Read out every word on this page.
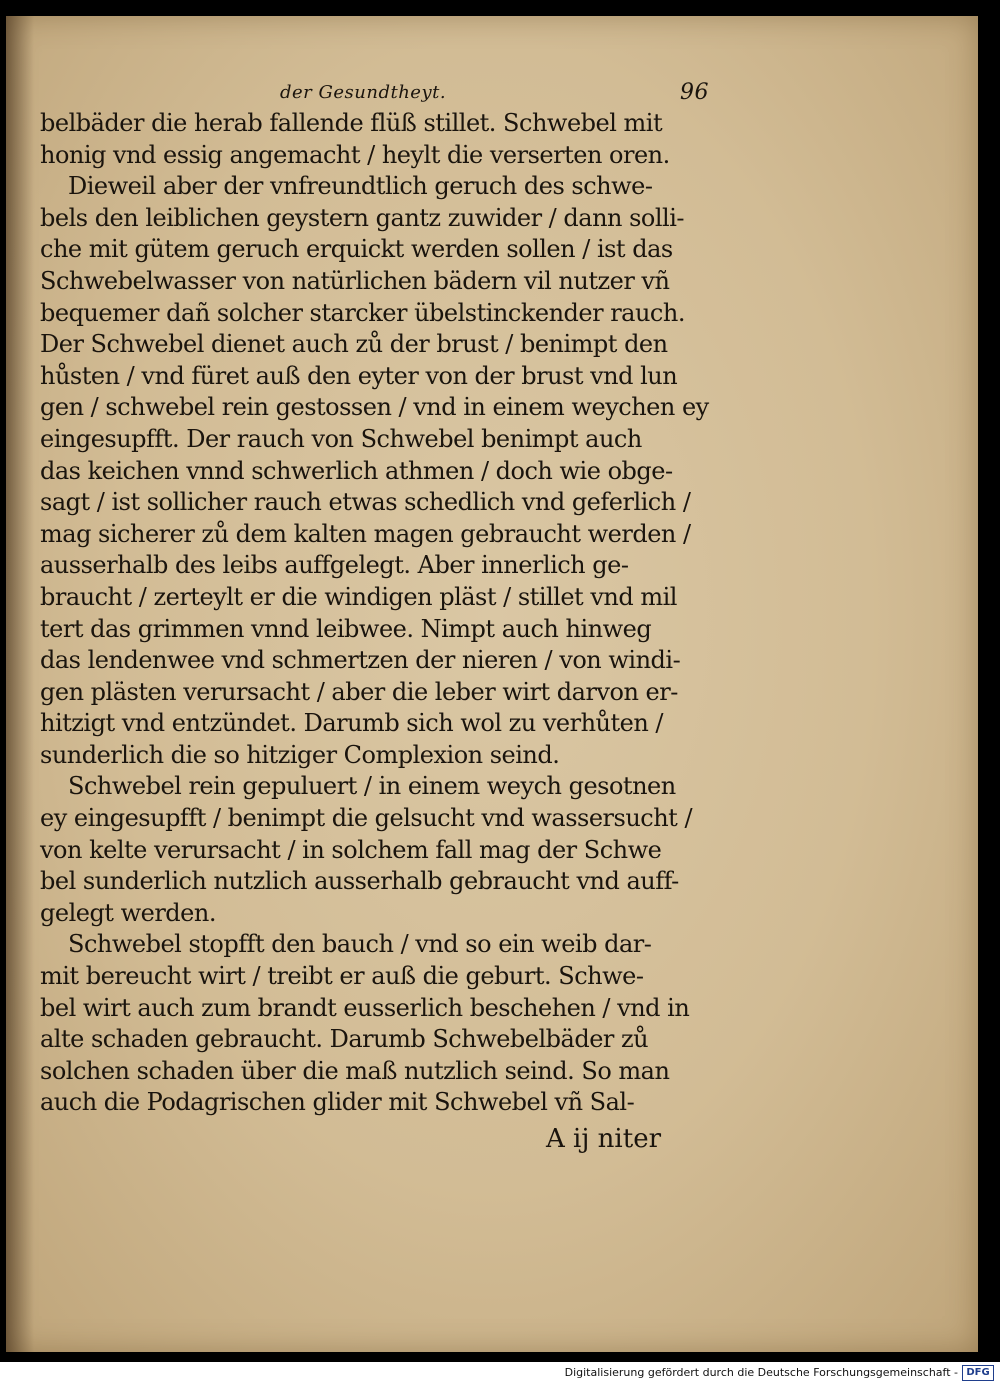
der Gesundtheyt.	96
belbäder die herab fallende flüß stillet. Schwebel mit
honig vnd essig angemacht / heylt die verserten oren.
Dieweil aber der vnfreundtlich geruch des schwe-
bels den leiblichen geystern gantz zuwider / dann solli-
che mit gütem geruch erquickt werden sollen / ist das
Schwebelwasser von natürlichen bädern vil nutzer vñ
bequemer dañ solcher starcker übelstinckender rauch.
Der Schwebel dienet auch zů der brust / benimpt den
hůsten / vnd füret auß den eyter von der brust vnd lun
gen / schwebel rein gestossen / vnd in einem weychen ey
eingesupfft. Der rauch von Schwebel benimpt auch
das keichen vnnd schwerlich athmen / doch wie obge-
sagt / ist sollicher rauch etwas schedlich vnd geferlich /
mag sicherer zů dem kalten magen gebraucht werden /
ausserhalb des leibs auffgelegt. Aber innerlich ge-
braucht / zerteylt er die windigen pläst / stillet vnd mil
tert das grimmen vnnd leibwee. Nimpt auch hinweg
das lendenwee vnd schmertzen der nieren / von windi-
gen plästen verursacht / aber die leber wirt darvon er-
hitzigt vnd entzündet. Darumb sich wol zu verhůten /
sunderlich die so hitziger Complexion seind.
Schwebel rein gepuluert / in einem weych gesotnen
ey eingesupfft / benimpt die gelsucht vnd wassersucht /
von kelte verursacht / in solchem fall mag der Schwe
bel sunderlich nutzlich ausserhalb gebraucht vnd auff-
gelegt werden.
Schwebel stopfft den bauch / vnd so ein weib dar-
mit bereucht wirt / treibt er auß die geburt. Schwe-
bel wirt auch zum brandt eusserlich beschehen / vnd in
alte schaden gebraucht. Darumb Schwebelbäder zů
solchen schaden über die maß nutzlich seind. So man
auch die Podagrischen glider mit Schwebel vñ Sal-
A ij niter
Digitalisierung gefördert durch die Deutsche Forschungsgemeinschaft - DFG
